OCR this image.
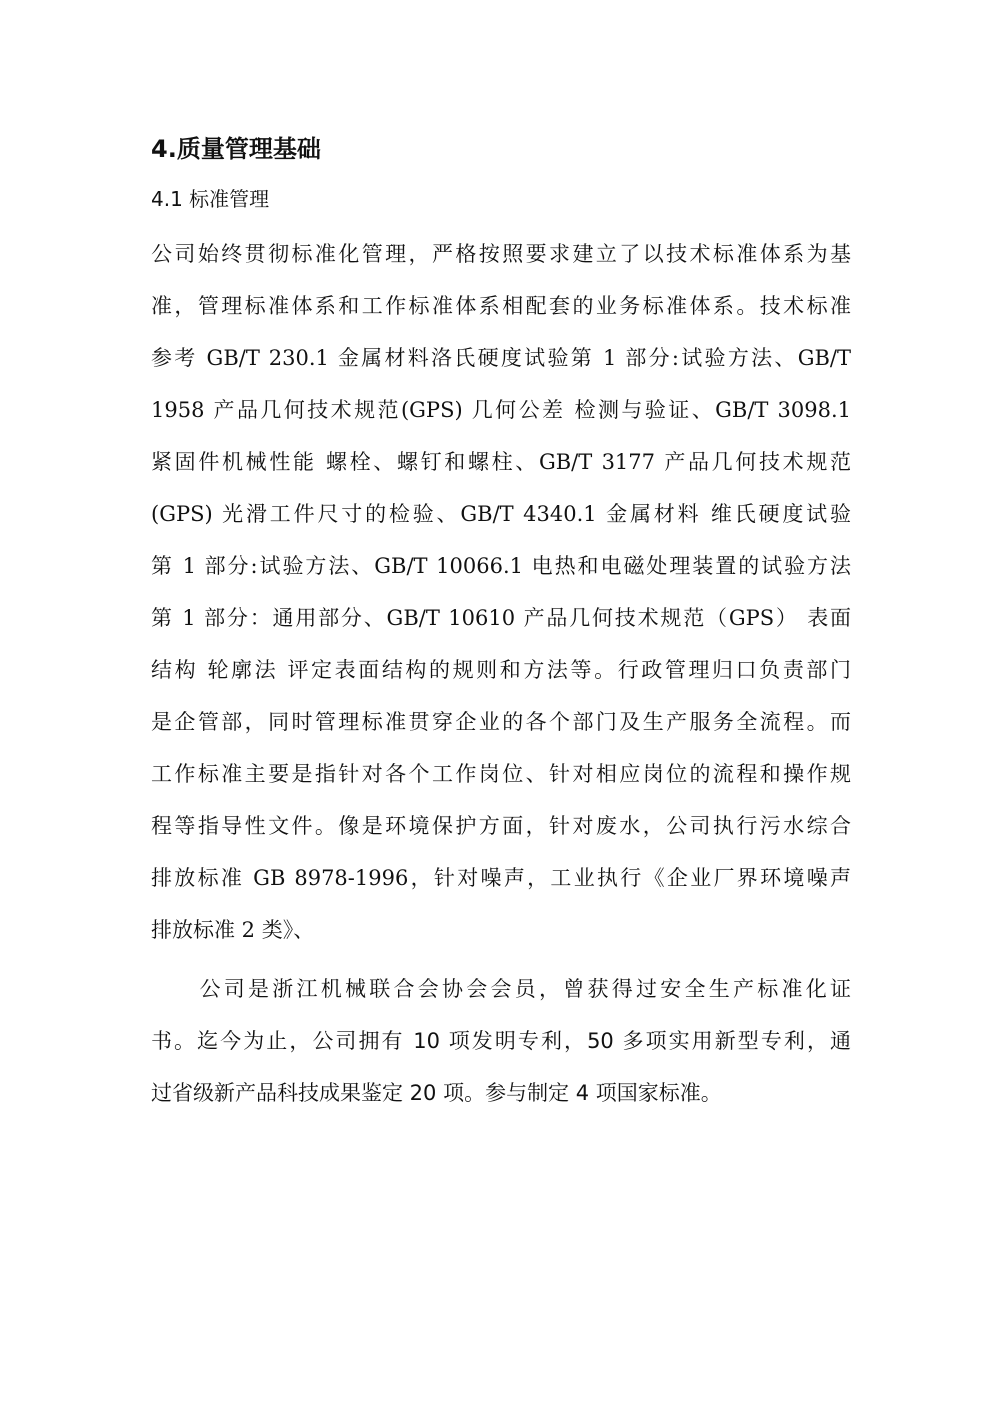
4.质量管理基础
4.1 标准管理
公司始终贯彻标准化管理，严格按照要求建立了以技术标准体系为基
准，管理标准体系和工作标准体系相配套的业务标准体系。技术标准
参考 GB/T 230.1 金属材料洛氏硬度试验第 1 部分:试验方法、GB/T
1958 产品几何技术规范(GPS) 几何公差 检测与验证、GB/T 3098.1
紧固件机械性能 螺栓、螺钉和螺柱、GB/T 3177 产品几何技术规范
(GPS) 光滑工件尺寸的检验、GB/T 4340.1 金属材料 维氏硬度试验
第 1 部分:试验方法、GB/T 10066.1 电热和电磁处理装置的试验方法
第 1 部分：通用部分、GB/T 10610 产品几何技术规范（GPS） 表面
结构 轮廓法 评定表面结构的规则和方法等。行政管理归口负责部门
是企管部，同时管理标准贯穿企业的各个部门及生产服务全流程。而
工作标准主要是指针对各个工作岗位、针对相应岗位的流程和操作规
程等指导性文件。像是环境保护方面，针对废水，公司执行污水综合
排放标准 GB 8978-1996，针对噪声，工业执行《企业厂界环境噪声
排放标准 2 类》、
　　公司是浙江机械联合会协会会员，曾获得过安全生产标准化证
书。迄今为止，公司拥有 10 项发明专利，50 多项实用新型专利，通
过省级新产品科技成果鉴定 20 项。参与制定 4 项国家标准。
